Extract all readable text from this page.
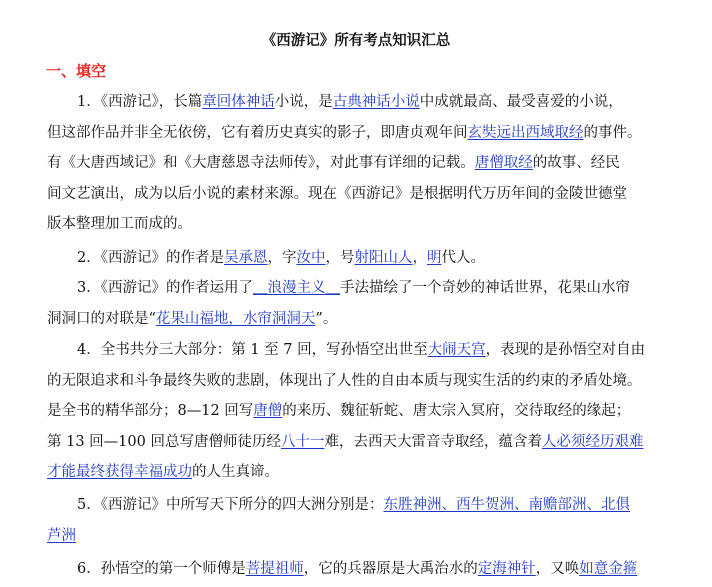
《西游记》所有考点知识汇总
一、填空

1．《西游记》，长篇章回体神话小说，是古典神话小说中成就最高、最受喜爱的小说，
但这部作品并非全无依傍，它有着历史真实的影子，即唐贞观年间玄奘远出西域取经的事件。
有《大唐西域记》和《大唐慈恩寺法师传》，对此事有详细的记载。唐僧取经的故事、经民
间文艺演出，成为以后小说的素材来源。现在《西游记》是根据明代万历年间的金陵世德堂
版本整理加工而成的。

2．《西游记》的作者是吴承恩，字汝中，号射阳山人，明代人。

3．《西游记》的作者运用了＿浪漫主义＿手法描绘了一个奇妙的神话世界，花果山水帘
洞洞口的对联是“花果山福地，水帘洞洞天”。

4．全书共分三大部分：第 1 至 7 回，写孙悟空出世至大闹天宫，表现的是孙悟空对自由
的无限追求和斗争最终失败的悲剧，体现出了人性的自由本质与现实生活的约束的矛盾处境。
是全书的精华部分；8—12 回写唐僧的来历、魏征斩蛇、唐太宗入冥府，交待取经的缘起；
第 13 回—100 回总写唐僧师徒历经八十一难，去西天大雷音寺取经，蕴含着人必须经历艰难
才能最终获得幸福成功的人生真谛。

5．《西游记》中所写天下所分的四大洲分别是：东胜神洲、西牛贺洲、南赡部洲、北俱
芦洲

6．孙悟空的第一个师傅是菩提祖师，它的兵器原是大禹治水的定海神针，又唤如意金箍
